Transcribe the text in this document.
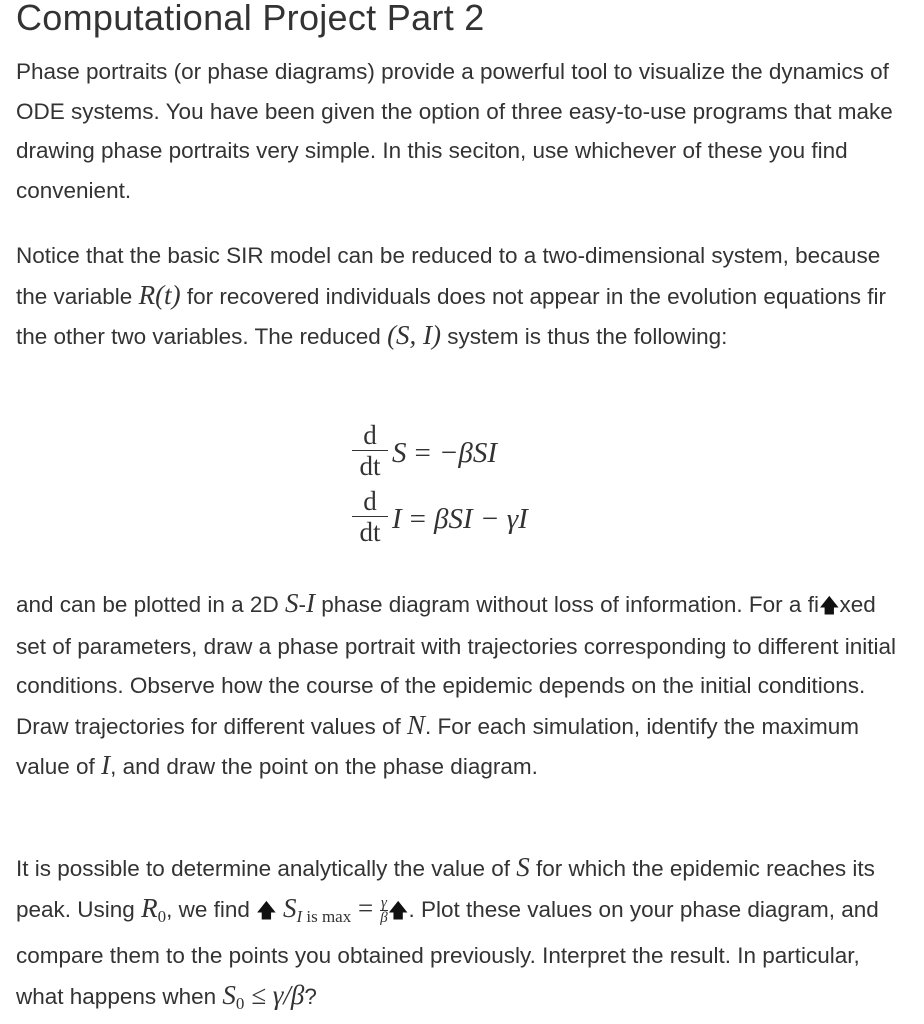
Computational Project Part 2

Phase portraits (or phase diagrams) provide a powerful tool to visualize the dynamics of ODE systems. You have been given the option of three easy-to-use programs that make drawing phase portraits very simple. In this seciton, use whichever of these you find convenient.

Notice that the basic SIR model can be reduced to a two-dimensional system, because the variable R(t) for recovered individuals does not appear in the evolution equations fir the other two variables. The reduced (S, I) system is thus the following:

$\frac{d}{dt}$ S = −βSI
$\frac{d}{dt}$ I = βSI − γI

and can be plotted in a 2D S-I phase diagram without loss of information. For a fi🡅xed set of parameters, draw a phase portrait with trajectories corresponding to different initial conditions. Observe how the course of the epidemic depends on the initial conditions. Draw trajectories for different values of N. For each simulation, identify the maximum value of I, and draw the point on the phase diagram.

It is possible to determine analytically the value of S for which the epidemic reaches its peak. Using $R_0$, we find 🡅 $S_{I is max} = \frac{\gamma}{\beta}$ 🡅. Plot these values on your phase diagram, and compare them to the points you obtained previously. Interpret the result. In particular, what happens when $S_0 \le \gamma/\beta$?
